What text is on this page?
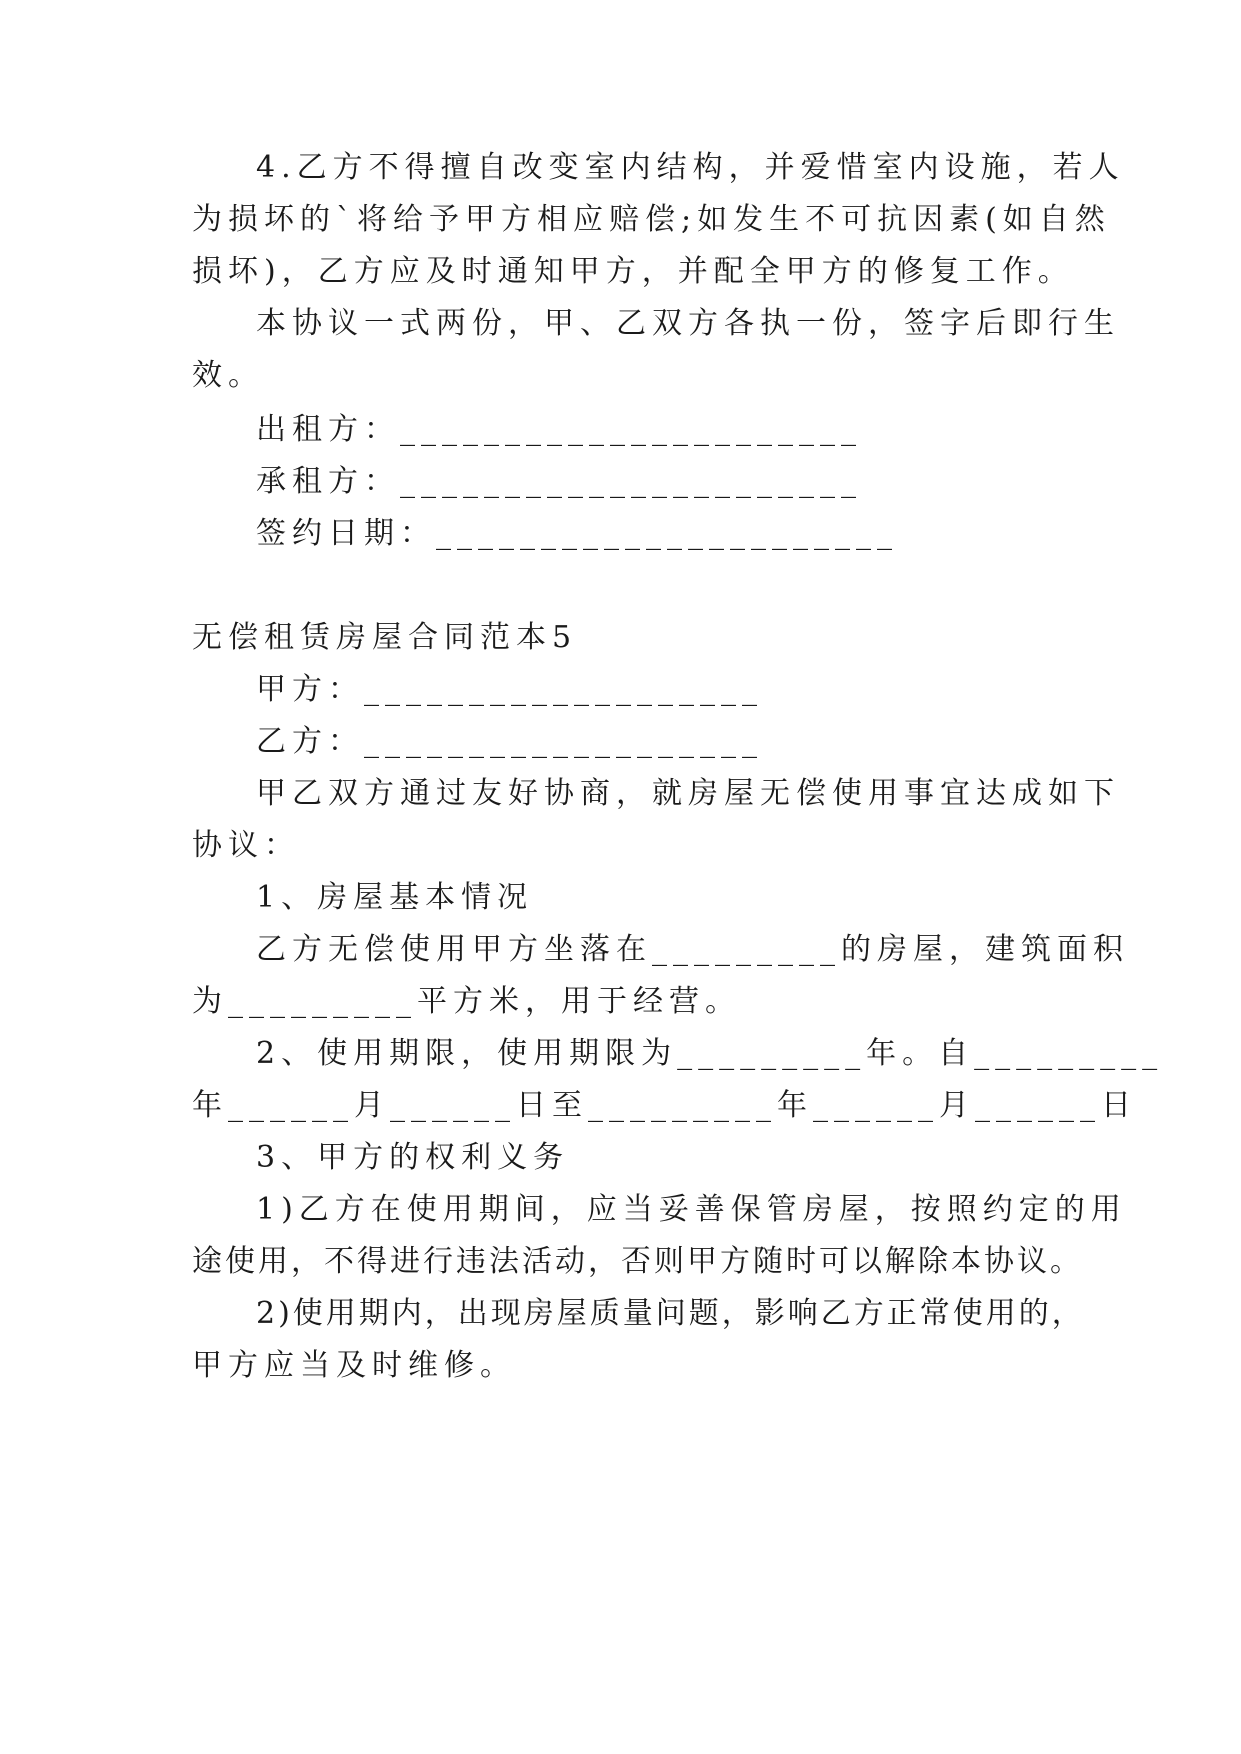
4.乙方不得擅自改变室内结构，并爱惜室内设施，若人
为损坏的`将给予甲方相应赔偿;如发生不可抗因素(如自然
损坏)，乙方应及时通知甲方，并配全甲方的修复工作。
本协议一式两份，甲、乙双方各执一份，签字后即行生
效。
出租方：______________________
承租方：______________________
签约日期：______________________
无偿租赁房屋合同范本5
甲方：___________________
乙方：___________________
甲乙双方通过友好协商，就房屋无偿使用事宜达成如下
协议：
1、房屋基本情况
乙方无偿使用甲方坐落在_________的房屋，建筑面积
为_________平方米，用于经营。
2、使用期限，使用期限为_________年。自_________
年______月______日至_________年______月______日
3、甲方的权利义务
1)乙方在使用期间，应当妥善保管房屋，按照约定的用
途使用，不得进行违法活动，否则甲方随时可以解除本协议。
2)使用期内，出现房屋质量问题，影响乙方正常使用的，
甲方应当及时维修。
